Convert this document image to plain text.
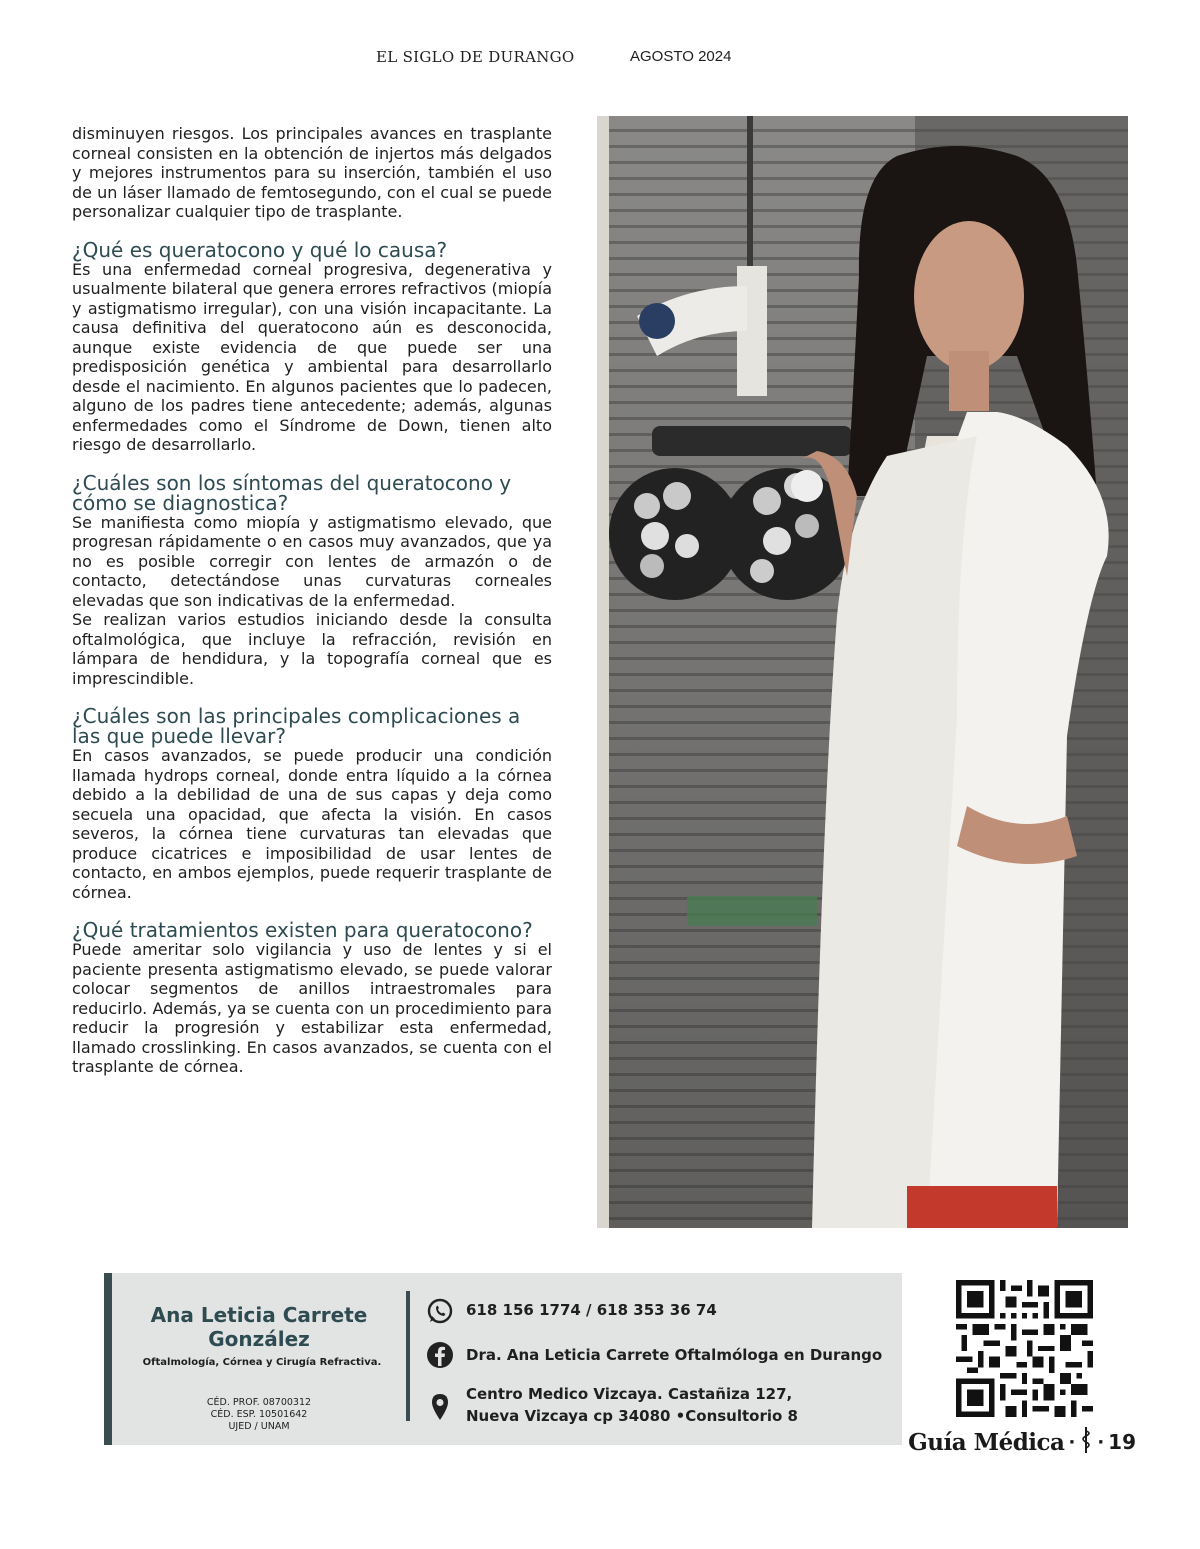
EL SIGLO DE DURANGO	AGOSTO 2024

disminuyen riesgos. Los principales avances en trasplante corneal consisten en la obtención de injertos más delgados y mejores instrumentos para su inserción, también el uso de un láser llamado de femtosegundo, con el cual se puede personalizar cualquier tipo de trasplante.

¿Qué es queratocono y qué lo causa?

Es una enfermedad corneal progresiva, degenerativa y usualmente bilateral que genera errores refractivos (miopía y astigmatismo irregular), con una visión incapacitante. La causa definitiva del queratocono aún es desconocida, aunque existe evidencia de que puede ser una predisposición genética y ambiental para desarrollarlo desde el nacimiento. En algunos pacientes que lo padecen, alguno de los padres tiene antecedente; además, algunas enfermedades como el Síndrome de Down, tienen alto riesgo de desarrollarlo.

¿Cuáles son los síntomas del queratocono y cómo se diagnostica?

Se manifiesta como miopía y astigmatismo elevado, que progresan rápidamente o en casos muy avanzados, que ya no es posible corregir con lentes de armazón o de contacto, detectándose unas curvaturas corneales elevadas que son indicativas de la enfermedad.

Se realizan varios estudios iniciando desde la consulta oftalmológica, que incluye la refracción, revisión en lámpara de hendidura, y la topografía corneal que es imprescindible.

¿Cuáles son las principales complicaciones a las que puede llevar?

En casos avanzados, se puede producir una condición llamada hydrops corneal, donde entra líquido a la córnea debido a la debilidad de una de sus capas y deja como secuela una opacidad, que afecta la visión. En casos severos, la córnea tiene curvaturas tan elevadas que produce cicatrices e imposibilidad de usar lentes de contacto, en ambos ejemplos, puede requerir trasplante de córnea.

¿Qué tratamientos existen para queratocono?

Puede ameritar solo vigilancia y uso de lentes y si el paciente presenta astigmatismo elevado, se puede valorar colocar segmentos de anillos intraestromales para reducirlo. Además, ya se cuenta con un procedimiento para reducir la progresión y estabilizar esta enfermedad, llamado crosslinking. En casos avanzados, se cuenta con el trasplante de córnea.

Ana Leticia Carrete
González
Oftalmología, Córnea y Cirugía Refractiva.
CÉD. PROF. 08700312
CÉD. ESP. 10501642
UJED / UNAM
618 156 1774 / 618 353 36 74
Dra. Ana Leticia Carrete Oftalmóloga en Durango
Centro Medico Vizcaya. Castañiza 127,
Nueva Vizcaya cp 34080 •Consultorio 8
Guía Médica · · 19
